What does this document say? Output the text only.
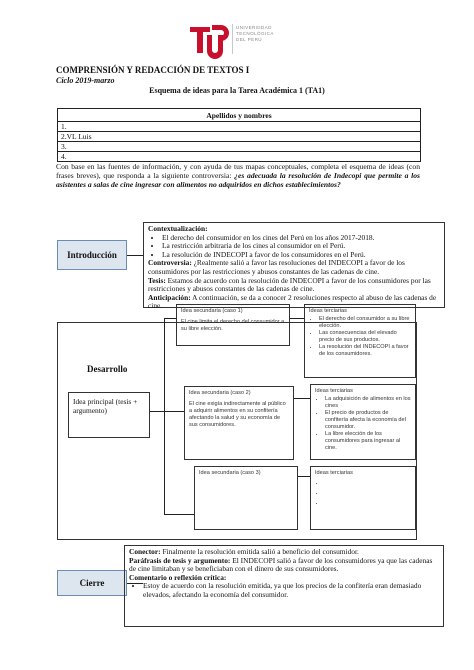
UNIVERSIDAD
TECNOLÓGICA
DEL PERÚ
COMPRENSIÓN Y REDACCIÓN DE TEXTOS I
Ciclo 2019-marzo
Esquema de ideas para la Tarea Académica 1 (TA1)
Apellidos y nombres
1.
2.VL Luis
3.
4.
Con base en las fuentes de información, y con ayuda de tus mapas conceptuales, completa el esquema de ideas (con frases breves), que responda a la siguiente controversia: ¿es adecuada la resolución de Indecopi que permite a los asistentes a salas de cine ingresar con alimentos no adquiridos en dichos establecimientos?
Introducción
Contextualización:
• El derecho del consumidor en los cines del Perú en los años 2017-2018.
• La restricción arbitraria de los cines al consumidor en el Perú.
• La resolución de INDECOPI a favor de los consumidores en el Perú.
Controversia: ¿Realmente salió a favor las resoluciones del INDECOPI a favor de los consumidores por las restricciones y abusos constantes de las cadenas de cine.
Tesis: Estamos de acuerdo con la resolución de INDECOPI a favor de los consumidores por las restricciones y abusos constantes de las cadenas de cine.
Anticipación: A continuación, se da a conocer 2 resoluciones respecto al abuso de las cadenas de cine.
Desarrollo
Idea principal (tesis + argumento)
Idea secundaria (caso 1)
El cine limita el derecho del consumidor a su libre elección.
Ideas terciarias
• El derecho del consumidor a su libre elección.
• Las consecuencias del elevado precio de sus productos.
• La resolución del INDECOPI a favor de los consumidores.
Idea secundaria (caso 2)
El cine exigía indirectamente al público a adquirir alimentos en su confitería afectando la salud y su economía de sus consumidores.
Ideas terciarias
• La adquisición de alimentos en los cines
• El precio de productos de confitería afecta la economía del consumidor.
• La libre elección de los consumidores para ingresar al cine.
Idea secundaria (caso 3)	Ideas terciarias
•
•
•
Cierre
Conector: Finalmente la resolución emitida salió a beneficio del consumidor.
Paráfrasis de tesis y argumento: El INDECOPI salió a favor de los consumidores ya que las cadenas de cine limitaban y se beneficiaban con el dinero de sus consumidores.
Comentario o reflexión crítica:
• Estoy de acuerdo con la resolución emitida, ya que los precios de la confitería eran demasiado elevados, afectando la economía del consumidor.
